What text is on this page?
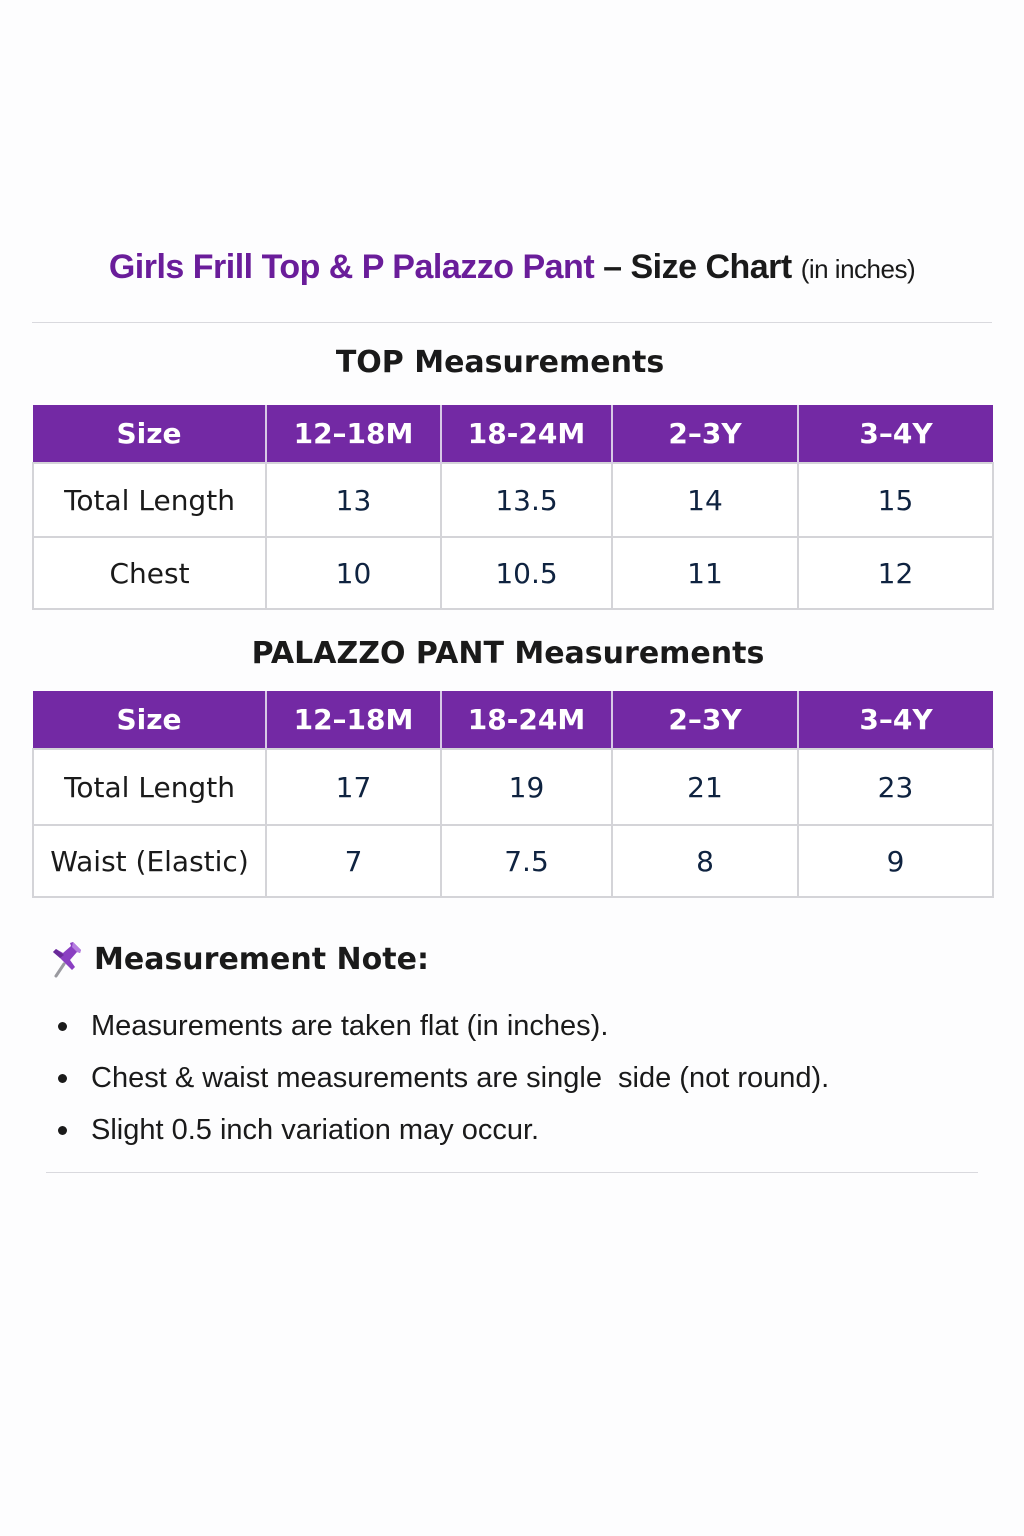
Girls Frill Top & P Palazzo Pant – Size Chart (in inches)
TOP Measurements
Size	12–18M	18-24M	2–3Y	3–4Y
Total Length	13	13.5	14	15
Chest	10	10.5	11	12
PALAZZO PANT Measurements
Size	12–18M	18-24M	2–3Y	3–4Y
Total Length	17	19	21	23
Waist (Elastic)	7	7.5	8	9
Measurement Note:
Measurements are taken flat (in inches).
Chest & waist measurements are single  side (not round).
Slight 0.5 inch variation may occur.
